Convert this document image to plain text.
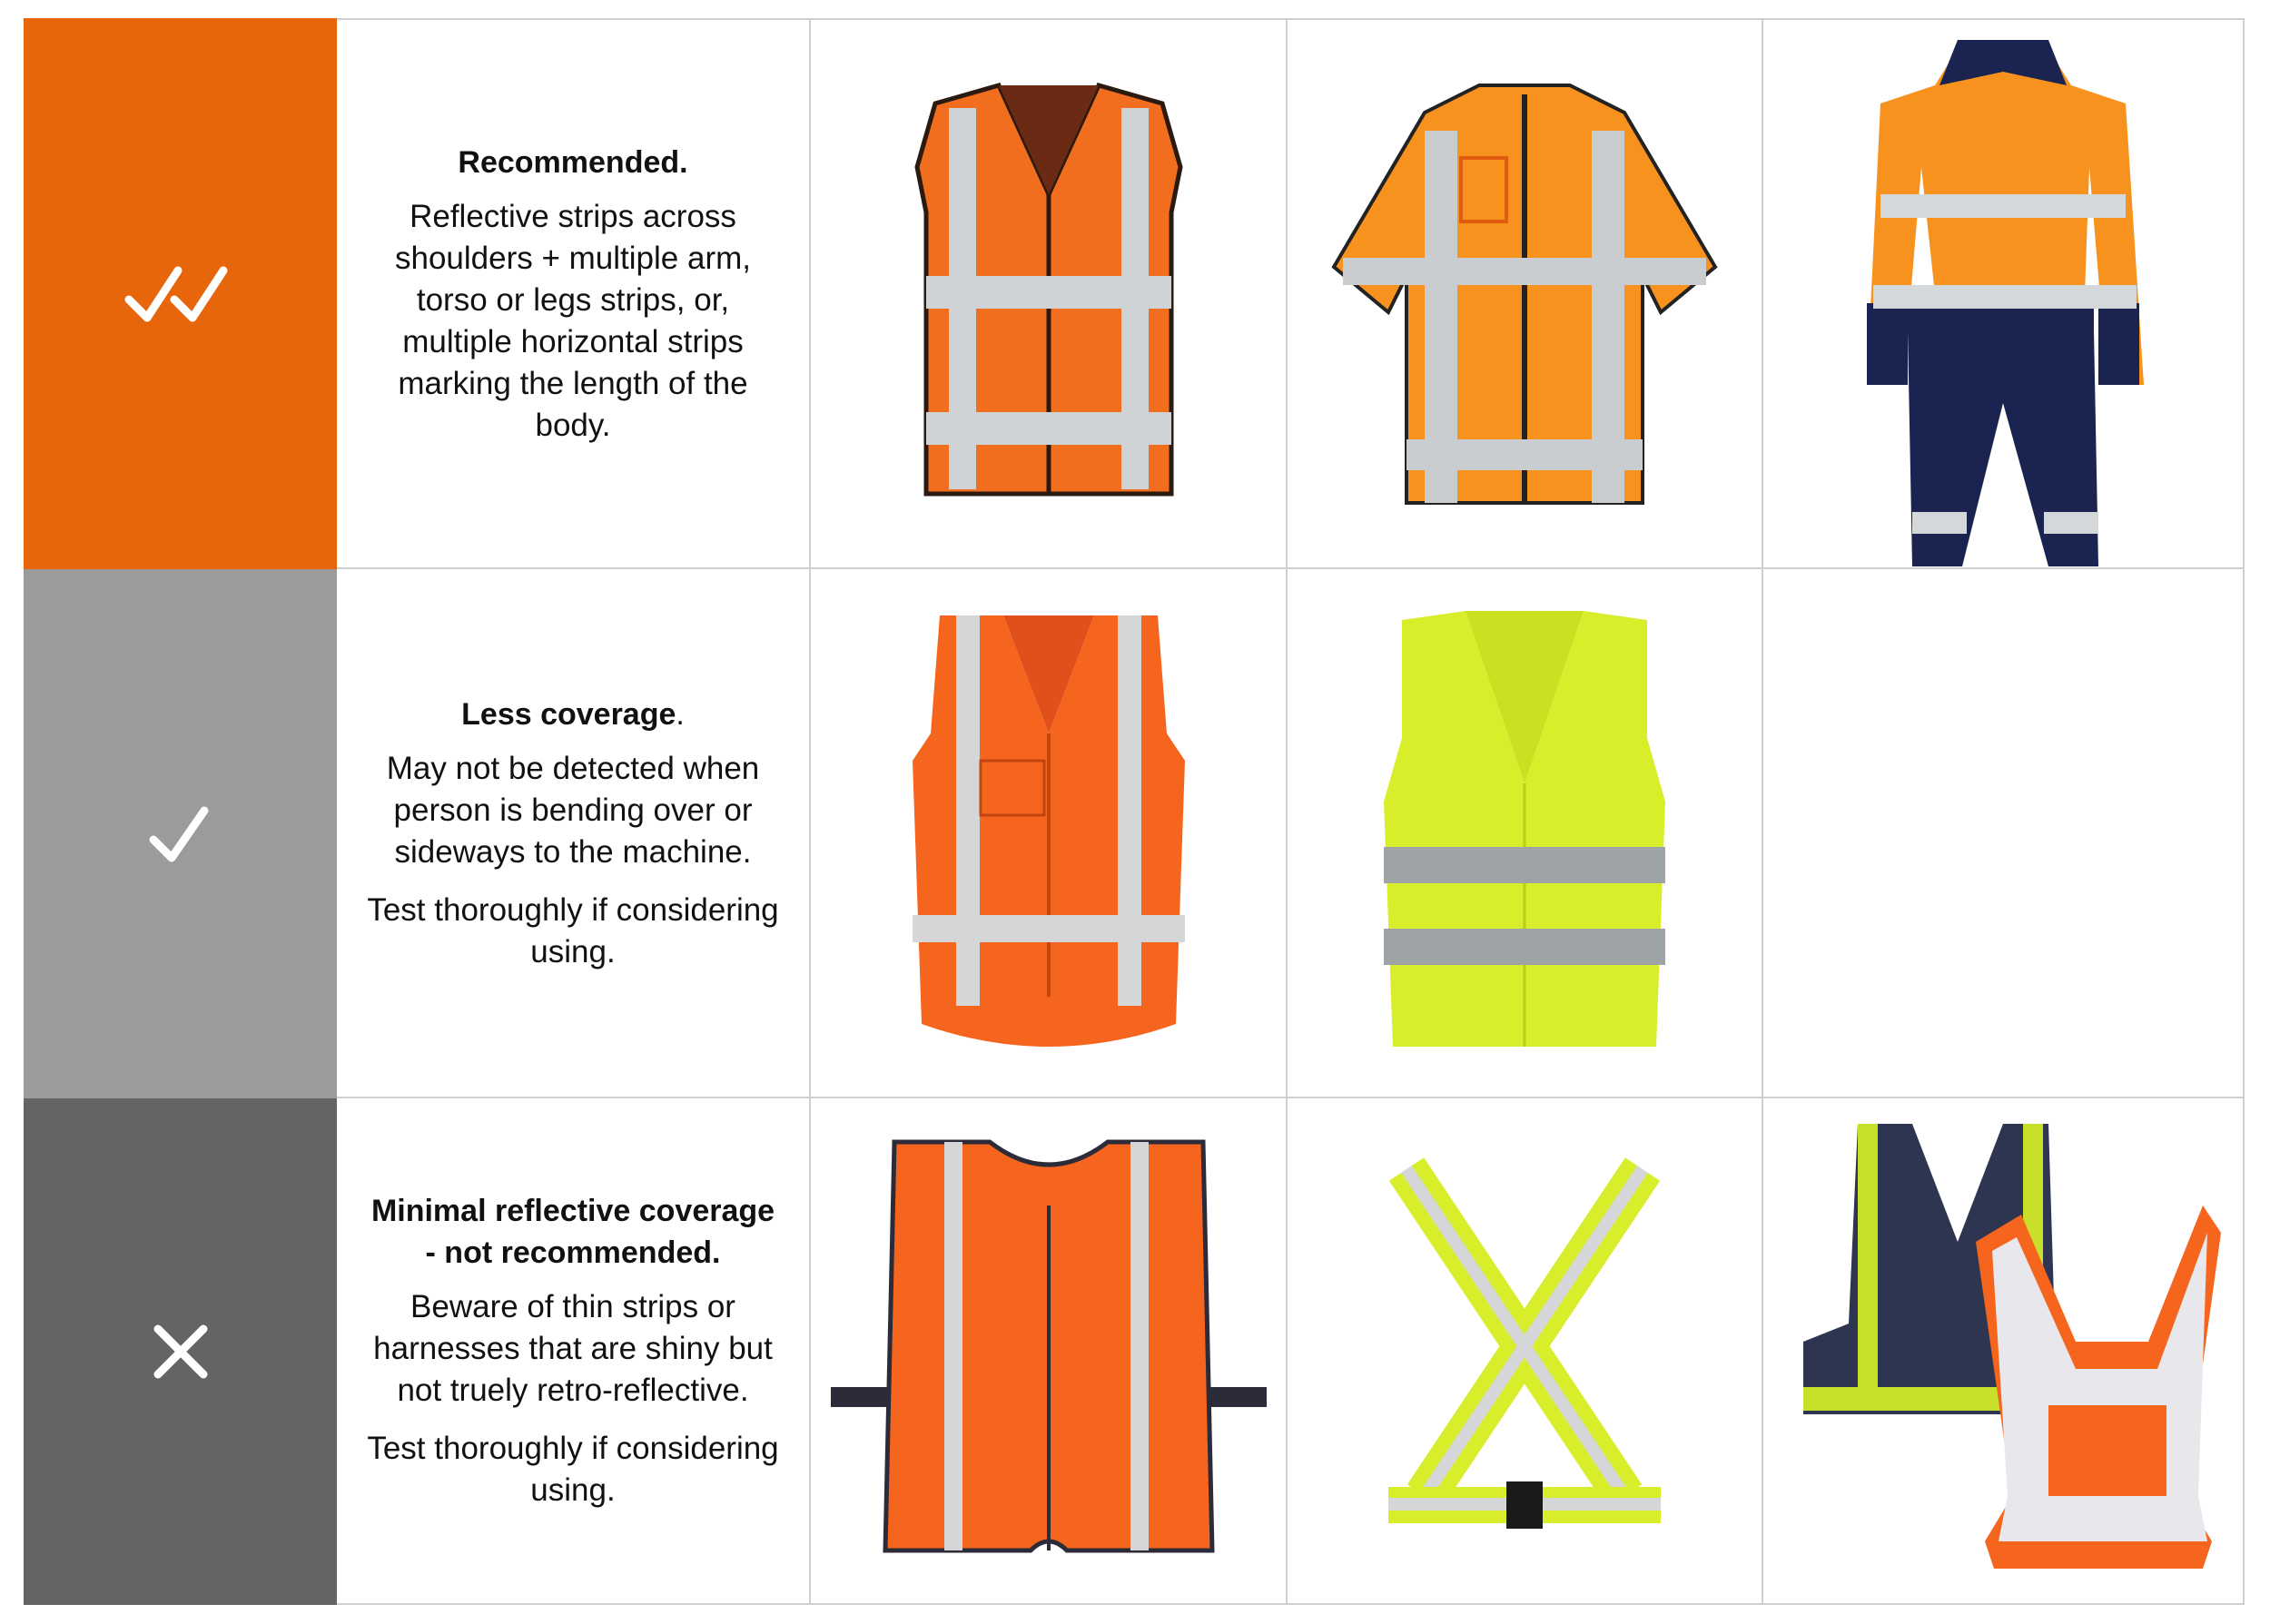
Recommended.

Reflective strips across shoulders + multiple arm, torso or legs strips, or, multiple horizontal strips marking the length of the body.

Less coverage.

May not be detected when person is bending over or sideways to the machine.

Test thoroughly if considering using.

Minimal reflective coverage - not recommended.

Beware of thin strips or harnesses that are shiny but not truely retro-reflective.

Test thoroughly if considering using.
